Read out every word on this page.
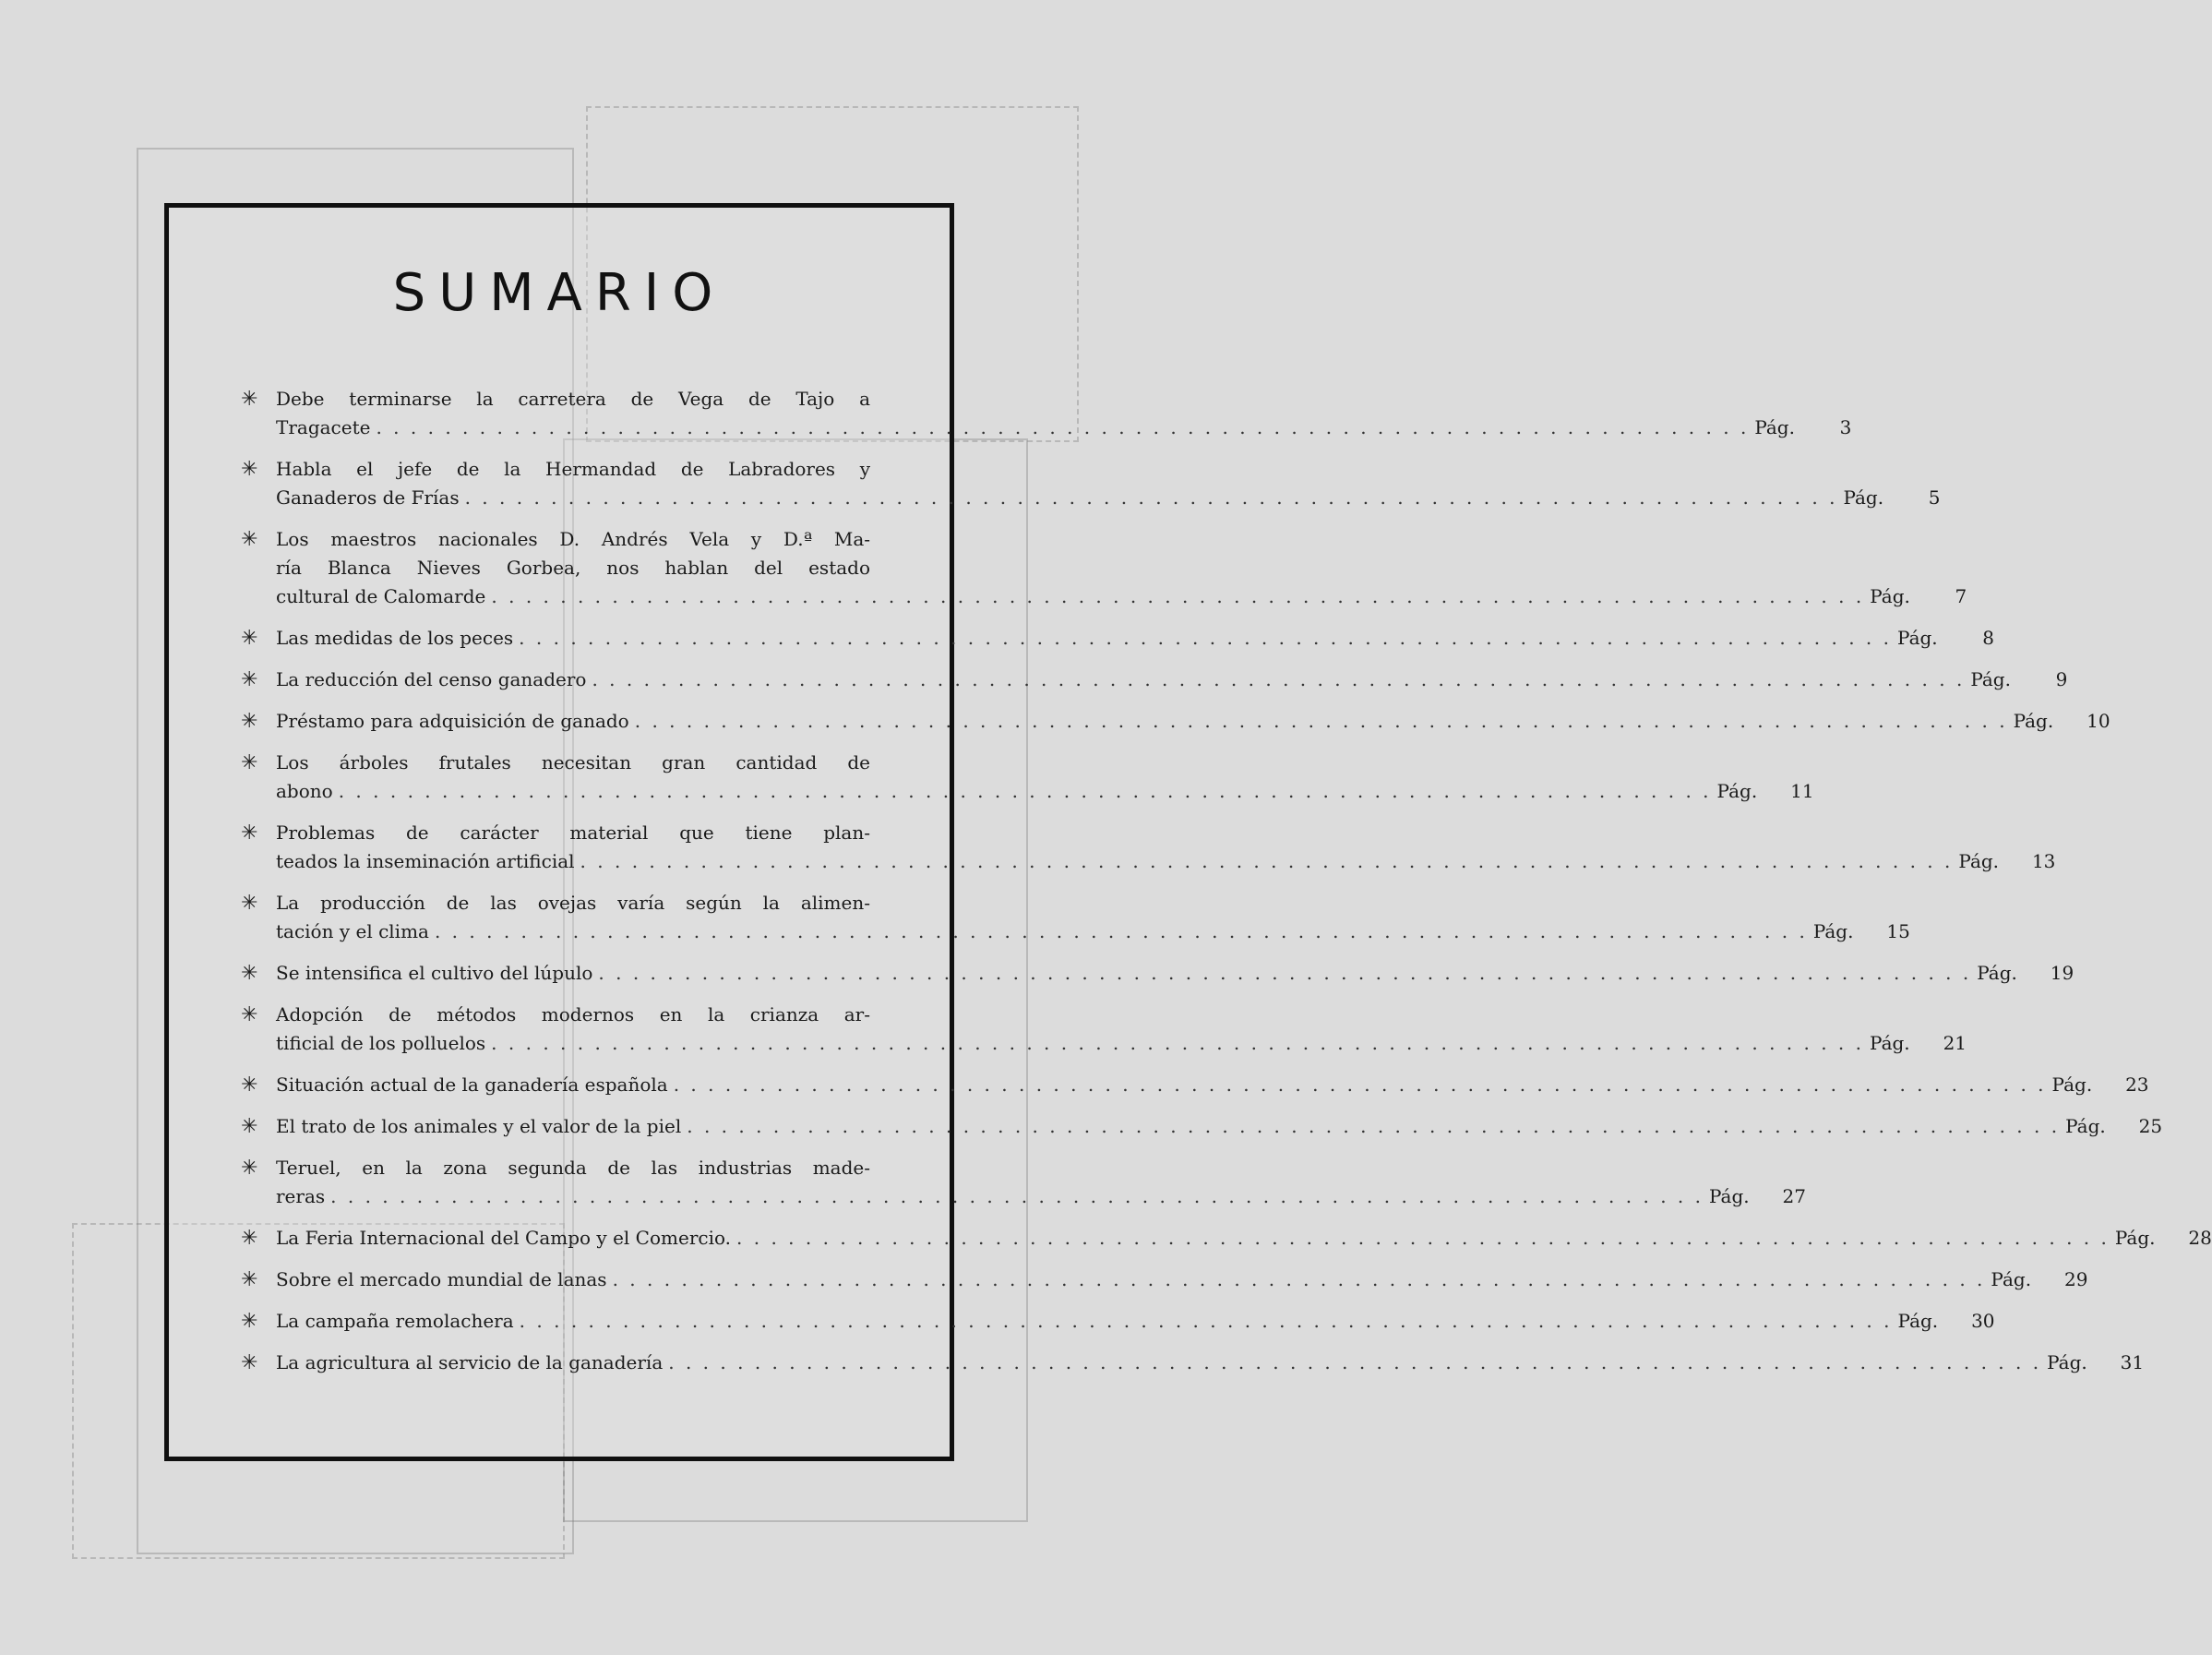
SUMARIO
✳ Debe terminarse la carretera de Vega de Tajo a
Tragacete . . . . . . . . . . . . . . . . . . . . . . . . . . . . . . . . . . . . . . . . . . . . . . . . . . . . . . . . . . . . . . . . . . . . . . . . . . . . . . . . Pág. 3
✳ Habla el jefe de la Hermandad de Labradores y
Ganaderos de Frías . . . . . . . . . . . . . . . . . . . . . . . . . . . . . . . . . . . . . . . . . . . . . . . . . . . . . . . . . . . . . . . . . . . . . . . . . . . . . . . . Pág. 5
✳ Los maestros nacionales D. Andrés Vela y D.ª Ma-
ría Blanca Nieves Gorbea, nos hablan del estado
cultural de Calomarde . . . . . . . . . . . . . . . . . . . . . . . . . . . . . . . . . . . . . . . . . . . . . . . . . . . . . . . . . . . . . . . . . . . . . . . . . . . . . . . . Pág. 7
✳ Las medidas de los peces . . . . . . . . . . . . . . . . . . . . . . . . . . . . . . . . . . . . . . . . . . . . . . . . . . . . . . . . . . . . . . . . . . . . . . . . . . . . . . . . Pág. 8
✳ La reducción del censo ganadero . . . . . . . . . . . . . . . . . . . . . . . . . . . . . . . . . . . . . . . . . . . . . . . . . . . . . . . . . . . . . . . . . . . . . . . . . . . . . . . . Pág. 9
✳ Préstamo para adquisición de ganado . . . . . . . . . . . . . . . . . . . . . . . . . . . . . . . . . . . . . . . . . . . . . . . . . . . . . . . . . . . . . . . . . . . . . . . . . . . . . . . . Pág. 10
✳ Los árboles frutales necesitan gran cantidad de
abono . . . . . . . . . . . . . . . . . . . . . . . . . . . . . . . . . . . . . . . . . . . . . . . . . . . . . . . . . . . . . . . . . . . . . . . . . . . . . . . . Pág. 11
✳ Problemas de carácter material que tiene plan-
teados la inseminación artificial . . . . . . . . . . . . . . . . . . . . . . . . . . . . . . . . . . . . . . . . . . . . . . . . . . . . . . . . . . . . . . . . . . . . . . . . . . . . . . . . Pág. 13
✳ La producción de las ovejas varía según la alimen-
tación y el clima . . . . . . . . . . . . . . . . . . . . . . . . . . . . . . . . . . . . . . . . . . . . . . . . . . . . . . . . . . . . . . . . . . . . . . . . . . . . . . . . Pág. 15
✳ Se intensifica el cultivo del lúpulo . . . . . . . . . . . . . . . . . . . . . . . . . . . . . . . . . . . . . . . . . . . . . . . . . . . . . . . . . . . . . . . . . . . . . . . . . . . . . . . . Pág. 19
✳ Adopción de métodos modernos en la crianza ar-
tificial de los polluelos . . . . . . . . . . . . . . . . . . . . . . . . . . . . . . . . . . . . . . . . . . . . . . . . . . . . . . . . . . . . . . . . . . . . . . . . . . . . . . . . Pág. 21
✳ Situación actual de la ganadería española . . . . . . . . . . . . . . . . . . . . . . . . . . . . . . . . . . . . . . . . . . . . . . . . . . . . . . . . . . . . . . . . . . . . . . . . . . . . . . . . Pág. 23
✳ El trato de los animales y el valor de la piel . . . . . . . . . . . . . . . . . . . . . . . . . . . . . . . . . . . . . . . . . . . . . . . . . . . . . . . . . . . . . . . . . . . . . . . . . . . . . . . . Pág. 25
✳ Teruel, en la zona segunda de las industrias made-
reras . . . . . . . . . . . . . . . . . . . . . . . . . . . . . . . . . . . . . . . . . . . . . . . . . . . . . . . . . . . . . . . . . . . . . . . . . . . . . . . . Pág. 27
✳ La Feria Internacional del Campo y el Comercio. . . . . . . . . . . . . . . . . . . . . . . . . . . . . . . . . . . . . . . . . . . . . . . . . . . . . . . . . . . . . . . . . . . . . . . . . . . . . . . . . Pág. 28
✳ Sobre el mercado mundial de lanas . . . . . . . . . . . . . . . . . . . . . . . . . . . . . . . . . . . . . . . . . . . . . . . . . . . . . . . . . . . . . . . . . . . . . . . . . . . . . . . . Pág. 29
✳ La campaña remolachera . . . . . . . . . . . . . . . . . . . . . . . . . . . . . . . . . . . . . . . . . . . . . . . . . . . . . . . . . . . . . . . . . . . . . . . . . . . . . . . . Pág. 30
✳ La agricultura al servicio de la ganadería . . . . . . . . . . . . . . . . . . . . . . . . . . . . . . . . . . . . . . . . . . . . . . . . . . . . . . . . . . . . . . . . . . . . . . . . . . . . . . . . Pág. 31
